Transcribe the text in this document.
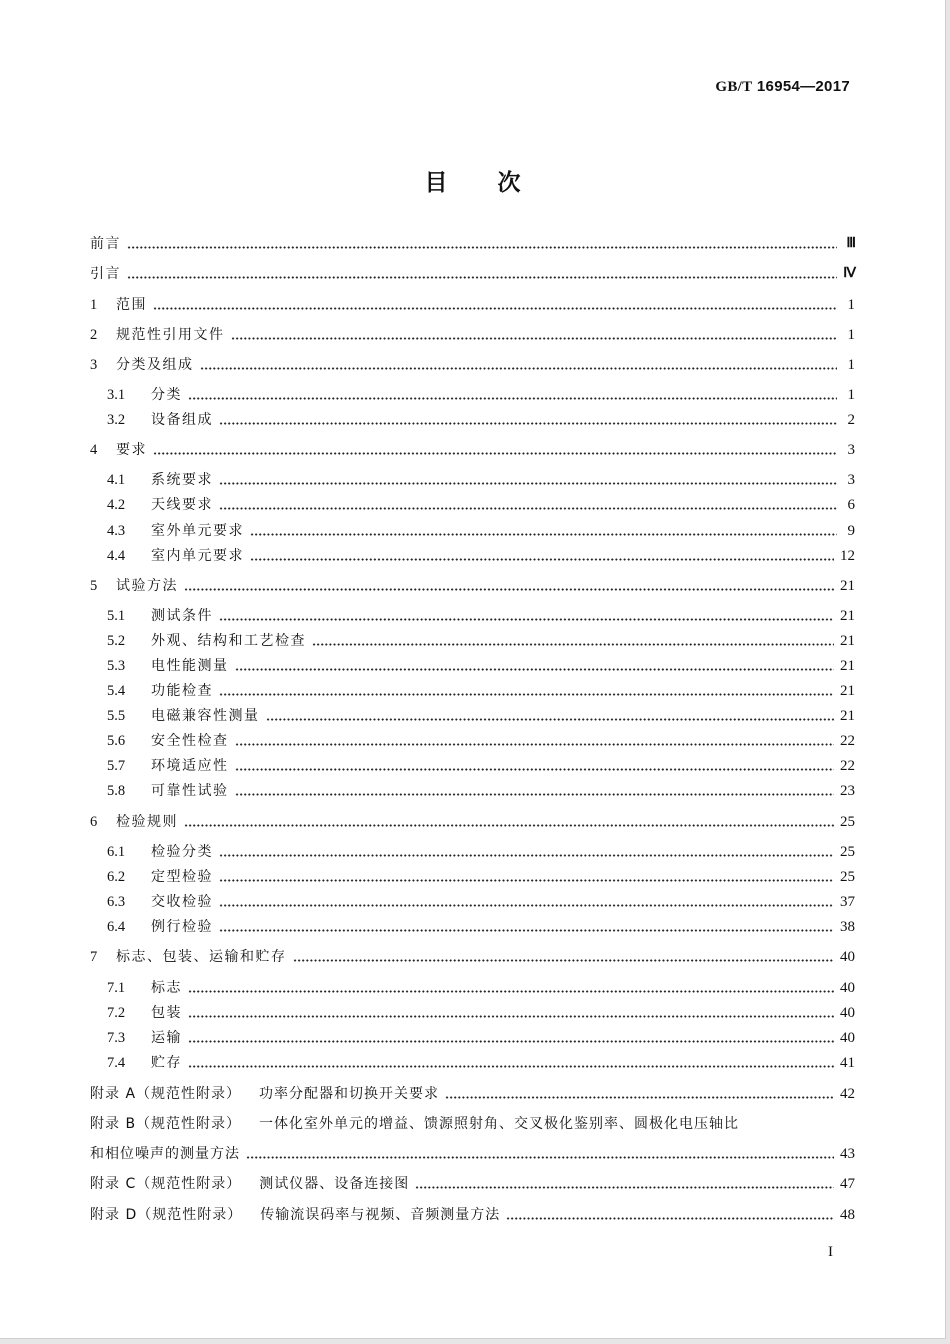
GB/T 16954—2017
目次
前言	Ⅲ
引言	Ⅳ
1	范围	1
2	规范性引用文件	1
3	分类及组成	1
3.1	分类	1
3.2	设备组成	2
4	要求	3
4.1	系统要求	3
4.2	天线要求	6
4.3	室外单元要求	9
4.4	室内单元要求	12
5	试验方法	21
5.1	测试条件	21
5.2	外观、结构和工艺检查	21
5.3	电性能测量	21
5.4	功能检查	21
5.5	电磁兼容性测量	21
5.6	安全性检查	22
5.7	环境适应性	22
5.8	可靠性试验	23
6	检验规则	25
6.1	检验分类	25
6.2	定型检验	25
6.3	交收检验	37
6.4	例行检验	38
7	标志、包装、运输和贮存	40
7.1	标志	40
7.2	包装	40
7.3	运输	40
7.4	贮存	41
附录 A（规范性附录） 功率分配器和切换开关要求	42
附录 B（规范性附录） 一体化室外单元的增益、馈源照射角、交叉极化鉴别率、圆极化电压轴比
和相位噪声的测量方法	43
附录 C（规范性附录） 测试仪器、设备连接图	47
附录 D（规范性附录） 传输流误码率与视频、音频测量方法	48
I
